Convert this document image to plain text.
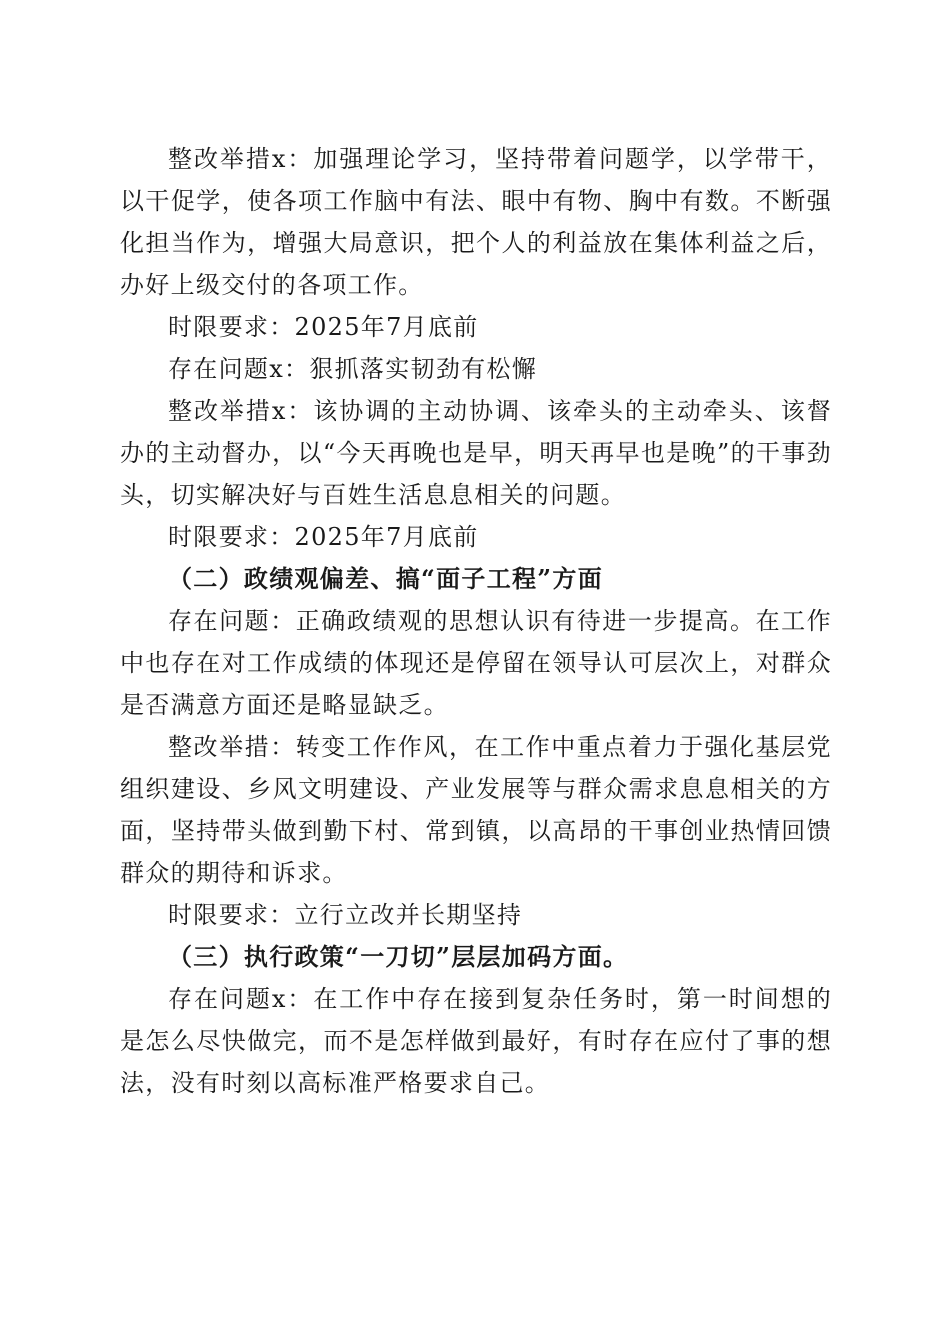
整改举措x：加强理论学习，坚持带着问题学，以学带干，以干促学，使各项工作脑中有法、眼中有物、胸中有数。不断强化担当作为，增强大局意识，把个人的利益放在集体利益之后，办好上级交付的各项工作。

时限要求：2025年7月底前

存在问题x：狠抓落实韧劲有松懈

整改举措x：该协调的主动协调、该牵头的主动牵头、该督办的主动督办，以“今天再晚也是早，明天再早也是晚”的干事劲头，切实解决好与百姓生活息息相关的问题。

时限要求：2025年7月底前

（二）政绩观偏差、搞“面子工程”方面

存在问题：正确政绩观的思想认识有待进一步提高。在工作中也存在对工作成绩的体现还是停留在领导认可层次上，对群众是否满意方面还是略显缺乏。

整改举措：转变工作作风，在工作中重点着力于强化基层党组织建设、乡风文明建设、产业发展等与群众需求息息相关的方面，坚持带头做到勤下村、常到镇，以高昂的干事创业热情回馈群众的期待和诉求。

时限要求：立行立改并长期坚持

（三）执行政策“一刀切”层层加码方面。

存在问题x：在工作中存在接到复杂任务时，第一时间想的是怎么尽快做完，而不是怎样做到最好，有时存在应付了事的想法，没有时刻以高标准严格要求自己。
